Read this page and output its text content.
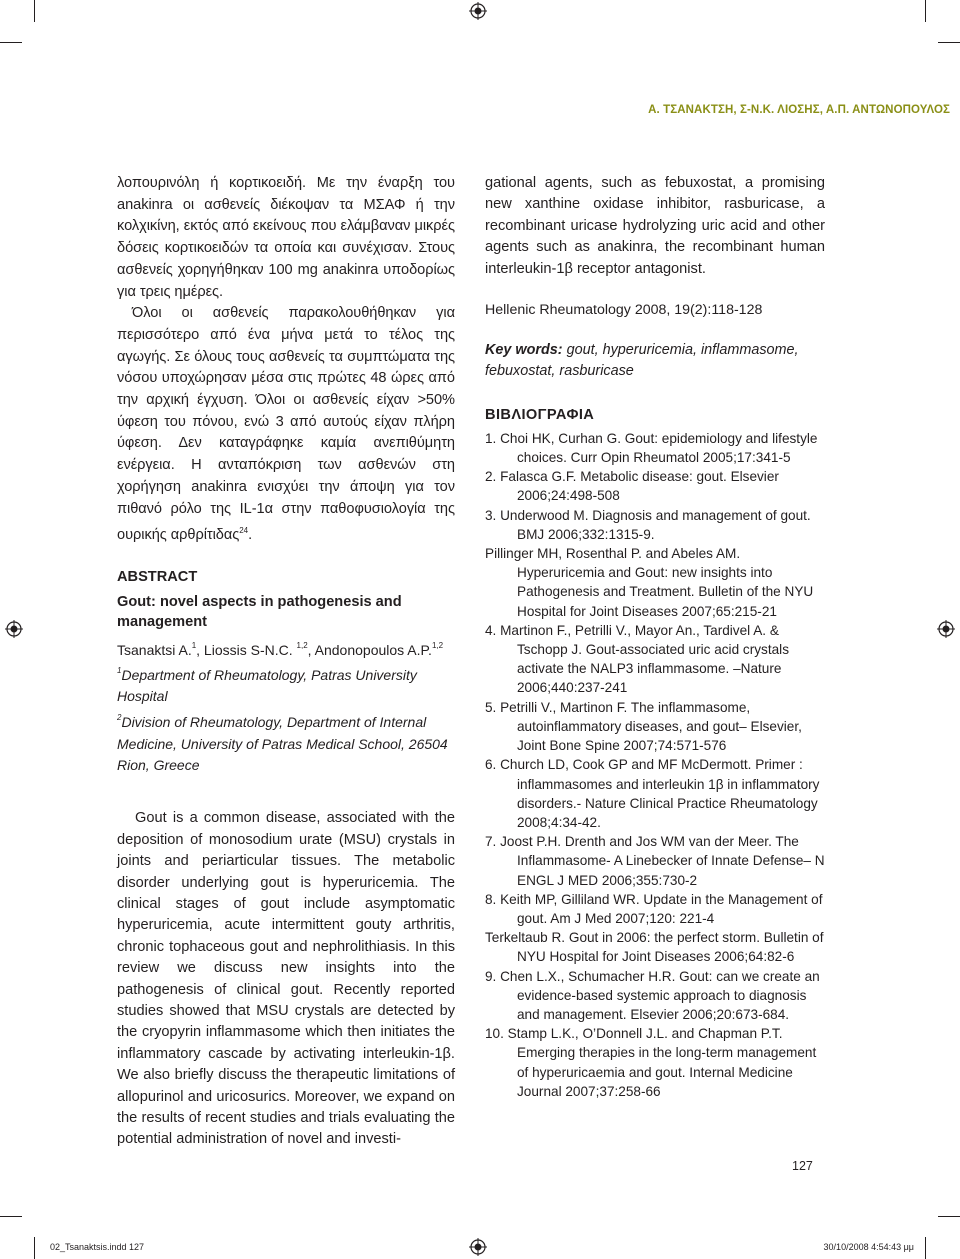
Α. ΤΣΑΝΑΚΤΣΗ, Σ-Ν.Κ. ΛΙΟΣΗΣ, Α.Π. ΑΝΤΩΝΟΠΟΥΛΟΣ

λοπουρινόλη ή κορτικοειδή. Με την έναρξη του anakinra οι ασθενείς διέκοψαν τα ΜΣΑΦ ή την κολχικίνη, εκτός από εκείνους που ελάμβαναν μικρές δόσεις κορτικοειδών τα οποία και συνέχισαν. Στους ασθενείς χορηγήθηκαν 100 mg anakinra υποδορίως για τρεις ημέρες.

Όλοι οι ασθενείς παρακολουθήθηκαν για περισσότερο από ένα μήνα μετά το τέλος της αγωγής. Σε όλους τους ασθενείς τα συμπτώματα της νόσου υποχώρησαν μέσα στις πρώτες 48 ώρες από την αρχική έγχυση. Όλοι οι ασθενείς είχαν >50% ύφεση του πόνου, ενώ 3 από αυτούς είχαν πλήρη ύφεση. Δεν καταγράφηκε καμία ανεπιθύμητη ενέργεια. Η ανταπόκριση των ασθενών στη χορήγηση anakinra ενισχύει την άποψη για τον πιθανό ρόλο της IL-1α στην παθοφυσιολογία της ουρικής αρθρίτιδας$^{24}$.

ABSTRACT
Gout: novel aspects in pathogenesis and management
Tsanaktsi A.$^1$, Liossis S-N.C. $^{1,2}$, Andonopoulos A.P.$^{1,2}$
$^1$Department of Rheumatology, Patras University Hospital
$^2$Division of Rheumatology, Department of Internal Medicine, University of Patras Medical School, 26504 Rion, Greece

Gout is a common disease, associated with the deposition of monosodium urate (MSU) crystals in joints and periarticular tissues. The metabolic disorder underlying gout is hyperuricemia. The clinical stages of gout include asymptomatic hyperuricemia, acute intermittent gouty arthritis, chronic tophaceous gout and nephrolithiasis. In this review we discuss new insights into the pathogenesis of clinical gout. Recently reported studies showed that MSU crystals are detected by the cryopyrin inflammasome which then initiates the inflammatory cascade by activating interleukin-1β. We also briefly discuss the therapeutic limitations of allopurinol and uricosurics. Moreover, we expand on the results of recent studies and trials evaluating the potential administration of novel and investi-

gational agents, such as febuxostat, a promising new xanthine oxidase inhibitor, rasburicase, a recombinant uricase hydrolyzing uric acid and other agents such as anakinra, the recombinant human interleukin-1β receptor antagonist.

Hellenic Rheumatology 2008, 19(2):118-128
Key words: gout, hyperuricemia, inflammasome, febuxostat, rasburicase
ΒΙΒΛΙΟΓΡΑΦΙΑ
1. Choi HK, Curhan G. Gout: epidemiology and lifestyle choices. Curr Opin Rheumatol 2005;17:341-5
2. Falasca G.F. Metabolic disease: gout. Elsevier 2006;24:498-508
3. Underwood M. Diagnosis and management of gout. BMJ 2006;332:1315-9.
Pillinger MH, Rosenthal P. and Abeles AM. Hyperuricemia and Gout: new insights into Pathogenesis and Treatment. Bulletin of the NYU Hospital for Joint Diseases 2007;65:215-21
4. Martinon F., Petrilli V., Mayor An., Tardivel A. & Tschopp J. Gout-associated uric acid crystals activate the NALP3 inflammasome. –Nature 2006;440:237-241
5. Petrilli V., Martinon F. The inflammasome, autoinflammatory diseases, and gout– Elsevier, Joint Bone Spine 2007;74:571-576
6. Church LD, Cook GP and MF McDermott. Primer : inflammasomes and interleukin 1β in inflammatory disorders.- Nature Clinical Practice Rheumatology 2008;4:34-42.
7. Joost P.H. Drenth and Jos WM van der Meer. The Inflammasome- A Linebecker of Innate Defense– N ENGL J MED 2006;355:730-2
8. Keith MP, Gilliland WR. Update in the Management of gout. Am J Med 2007;120: 221-4
Terkeltaub R. Gout in 2006: the perfect storm. Bulletin of NYU Hospital for Joint Diseases 2006;64:82-6
9. Chen L.X., Schumacher H.R. Gout: can we create an evidence-based systemic approach to diagnosis and management. Elsevier 2006;20:673-684.
10. Stamp L.K., O’Donnell J.L. and Chapman P.T. Emerging therapies in the long-term management of hyperuricaemia and gout. Internal Medicine Journal 2007;37:258-66
127
02_Tsanaktsis.indd 127	30/10/2008 4:54:43 μμ
